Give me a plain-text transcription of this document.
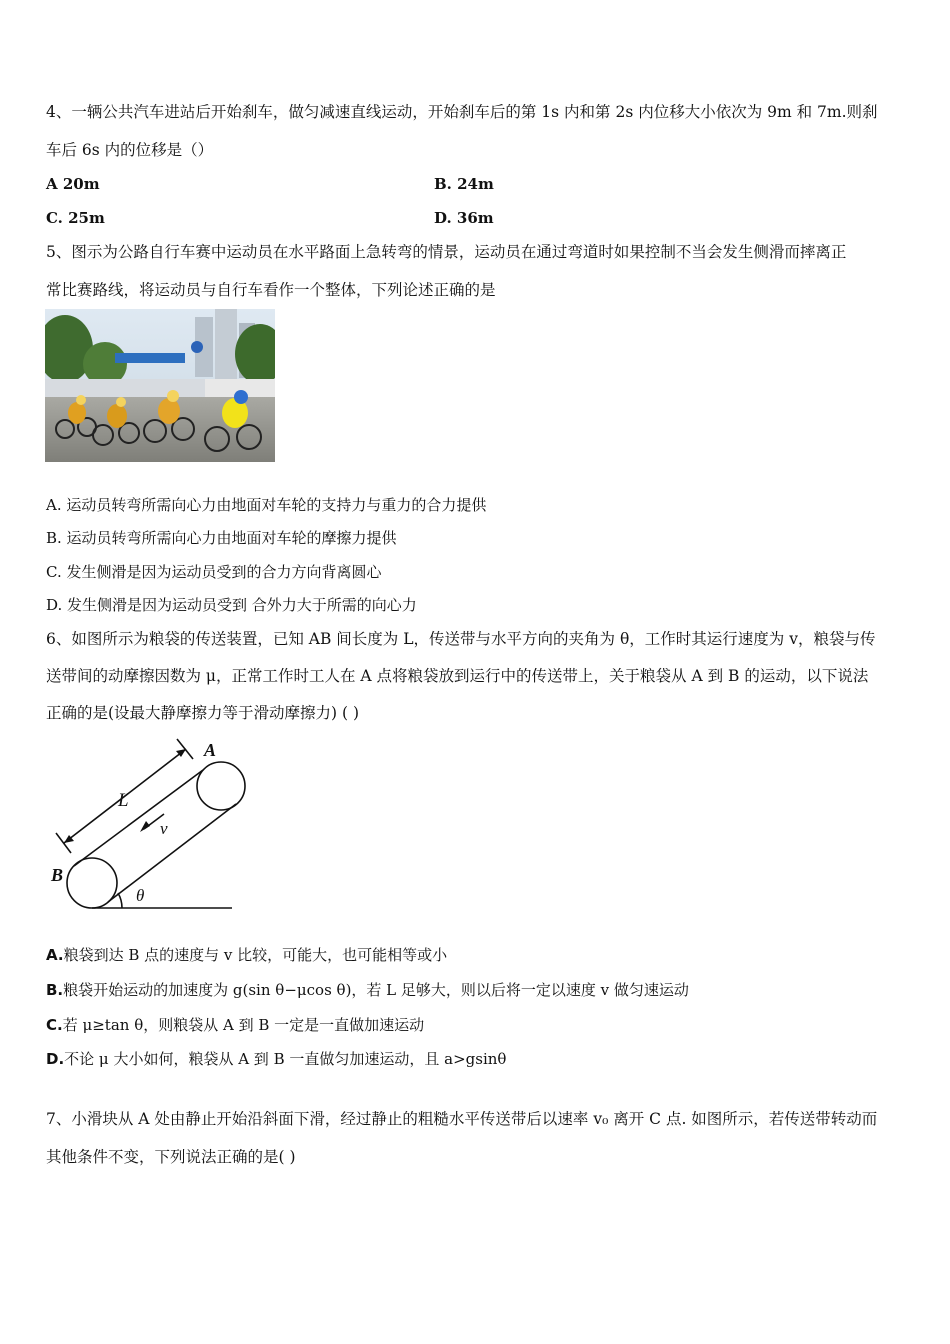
4、一辆公共汽车进站后开始刹车，做匀减速直线运动，开始刹车后的第 1s 内和第 2s 内位移大小依次为 9m 和 7m.则刹
车后 6s 内的位移是（）
A 20m	B. 24m
C. 25m	D. 36m
5、图示为公路自行车赛中运动员在水平路面上急转弯的情景，运动员在通过弯道时如果控制不当会发生侧滑而摔离正
常比赛路线，将运动员与自行车看作一个整体，下列论述正确的是
A. 运动员转弯所需向心力由地面对车轮的支持力与重力的合力提供
B. 运动员转弯所需向心力由地面对车轮的摩擦力提供
C. 发生侧滑是因为运动员受到的合力方向背离圆心
D. 发生侧滑是因为运动员受到 合外力大于所需的向心力
6、如图所示为粮袋的传送装置，已知 AB 间长度为 L，传送带与水平方向的夹角为 θ，工作时其运行速度为 v，粮袋与传
送带间的动摩擦因数为 μ，正常工作时工人在 A 点将粮袋放到运行中的传送带上，关于粮袋从 A 到 B 的运动，以下说法
正确的是(设最大静摩擦力等于滑动摩擦力) ( )
A
B
L
v
θ
A.粮袋到达 B 点的速度与 v 比较，可能大，也可能相等或小
B.粮袋开始运动的加速度为 g(sin θ−μcos θ)，若 L 足够大，则以后将一定以速度 v 做匀速运动
C.若 μ≥tan θ，则粮袋从 A 到 B 一定是一直做加速运动
D.不论 μ 大小如何，粮袋从 A 到 B 一直做匀加速运动，且 a>gsinθ
7、小滑块从 A 处由静止开始沿斜面下滑，经过静止的粗糙水平传送带后以速率 v₀ 离开 C 点. 如图所示，若传送带转动而
其他条件不变，下列说法正确的是( )
